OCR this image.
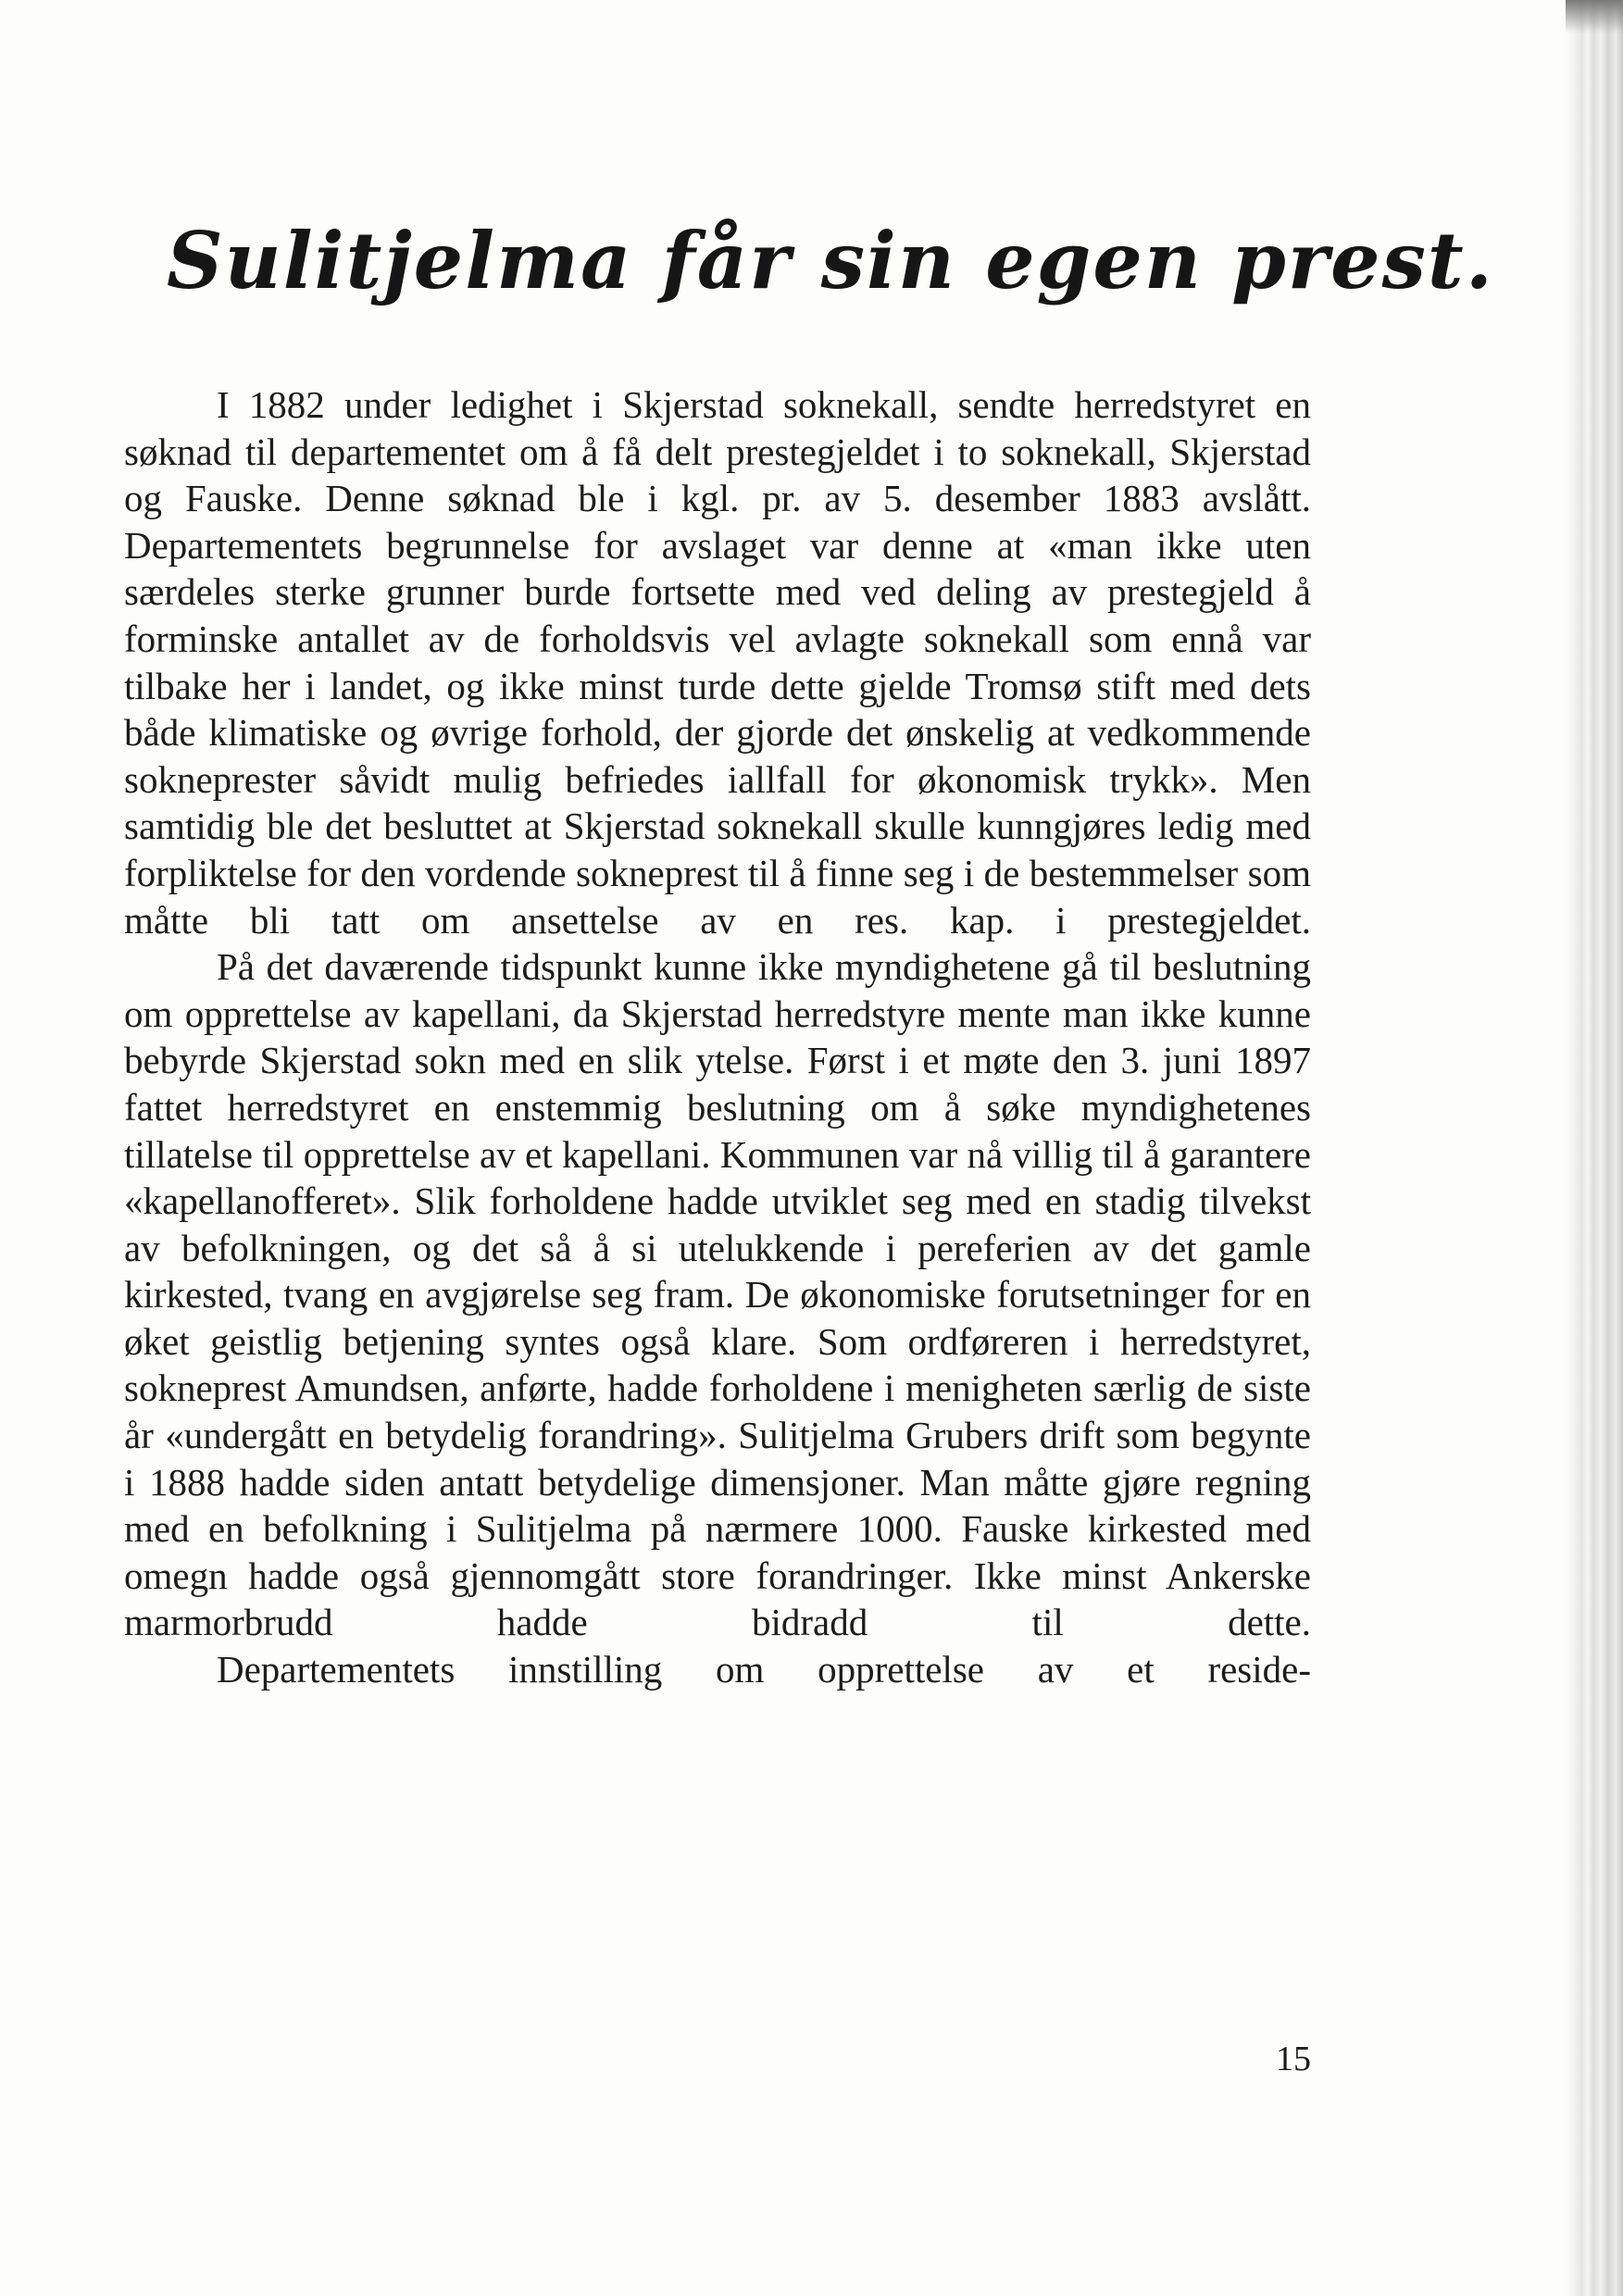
Sulitjelma får sin egen prest.

I 1882 under ledighet i Skjerstad soknekall, sendte herredstyret en søknad til departementet om å få delt prestegjeldet i to soknekall, Skjerstad og Fauske. Denne søknad ble i kgl. pr. av 5. desember 1883 avslått. Departementets begrunnelse for avslaget var denne at «man ikke uten særdeles sterke grunner burde fortsette med ved deling av prestegjeld å forminske antallet av de forholdsvis vel avlagte soknekall som ennå var tilbake her i landet, og ikke minst turde dette gjelde Tromsø stift med dets både klimatiske og øvrige forhold, der gjorde det ønskelig at vedkommende sokneprester såvidt mulig befriedes iallfall for økonomisk trykk». Men samtidig ble det besluttet at Skjerstad soknekall skulle kunngjøres ledig med forpliktelse for den vordende sokneprest til å finne seg i de bestemmelser som måtte bli tatt om ansettelse av en res. kap. i prestegjeldet.

På det daværende tidspunkt kunne ikke myndighetene gå til beslutning om opprettelse av kapellani, da Skjerstad herredstyre mente man ikke kunne bebyrde Skjerstad sokn med en slik ytelse. Først i et møte den 3. juni 1897 fattet herredstyret en enstemmig beslutning om å søke myndighetenes tillatelse til opprettelse av et kapellani. Kommunen var nå villig til å garantere «kapellanofferet». Slik forholdene hadde utviklet seg med en stadig tilvekst av befolkningen, og det så å si utelukkende i pereferien av det gamle kirkested, tvang en avgjørelse seg fram. De økonomiske forutsetninger for en øket geistlig betjening syntes også klare. Som ordføreren i herredstyret, sokneprest Amundsen, anførte, hadde forholdene i menigheten særlig de siste år «undergått en betydelig forandring». Sulitjelma Grubers drift som begynte i 1888 hadde siden antatt betydelige dimensjoner. Man måtte gjøre regning med en befolkning i Sulitjelma på nærmere 1000. Fauske kirkested med omegn hadde også gjennomgått store forandringer. Ikke minst Ankerske marmorbrudd hadde bidradd til dette.

Departementets innstilling om opprettelse av et reside-

15
